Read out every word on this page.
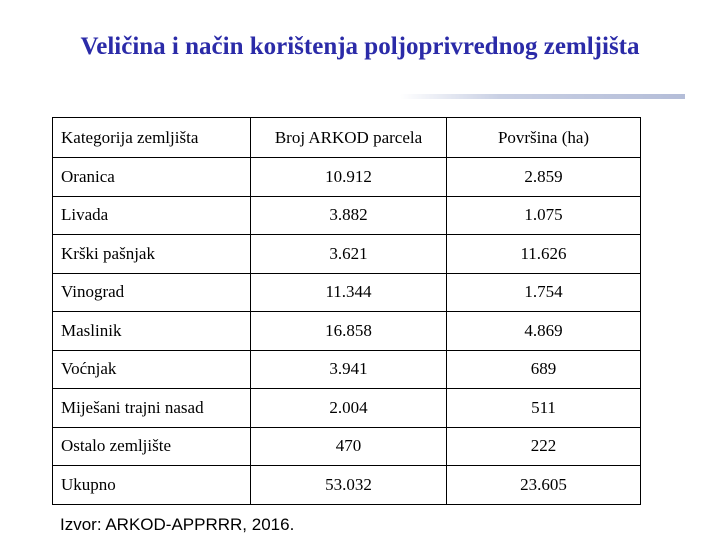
Veličina i način korištenja poljoprivrednog zemljišta
Kategorija zemljišta	Broj ARKOD parcela	Površina (ha)
Oranica	10.912	2.859
Livada	3.882	1.075
Krški pašnjak	3.621	11.626
Vinograd	11.344	1.754
Maslinik	16.858	4.869
Voćnjak	3.941	689
Miješani trajni nasad	2.004	511
Ostalo zemljište	470	222
Ukupno	53.032	23.605
Izvor: ARKOD-APPRRR, 2016.
